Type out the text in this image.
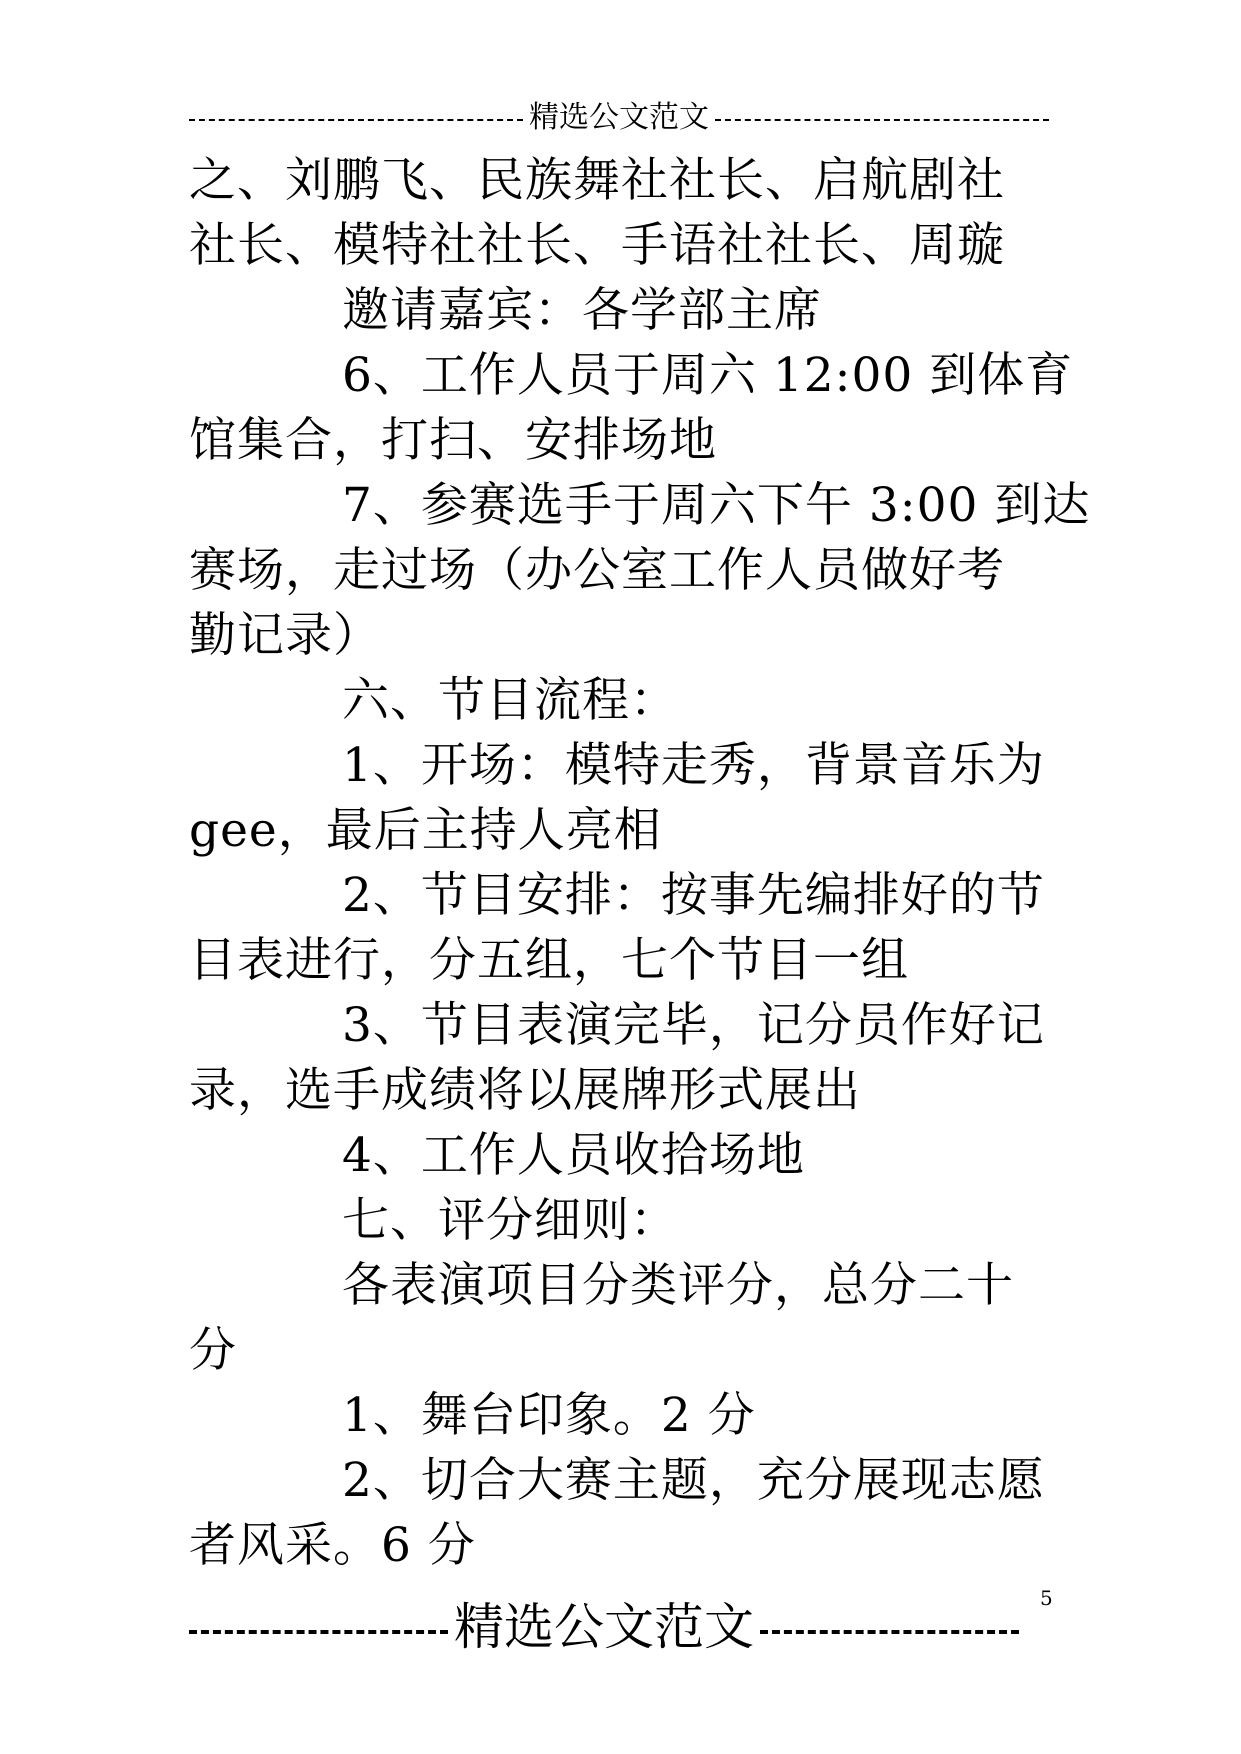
精选公文范文
之、刘鹏飞、民族舞社社长、启航剧社
社长、模特社社长、手语社社长、周璇
邀请嘉宾：各学部主席
6、工作人员于周六 12:00 到体育
馆集合，打扫、安排场地
7、参赛选手于周六下午 3:00 到达
赛场，走过场（办公室工作人员做好考
勤记录）
六、节目流程：
1、开场：模特走秀，背景音乐为
gee，最后主持人亮相
2、节目安排：按事先编排好的节
目表进行，分五组，七个节目一组
3、节目表演完毕，记分员作好记
录，选手成绩将以展牌形式展出
4、工作人员收拾场地
七、评分细则：
各表演项目分类评分，总分二十
分
1、舞台印象。2 分
2、切合大赛主题，充分展现志愿
者风采。6 分
精选公文范文	5
